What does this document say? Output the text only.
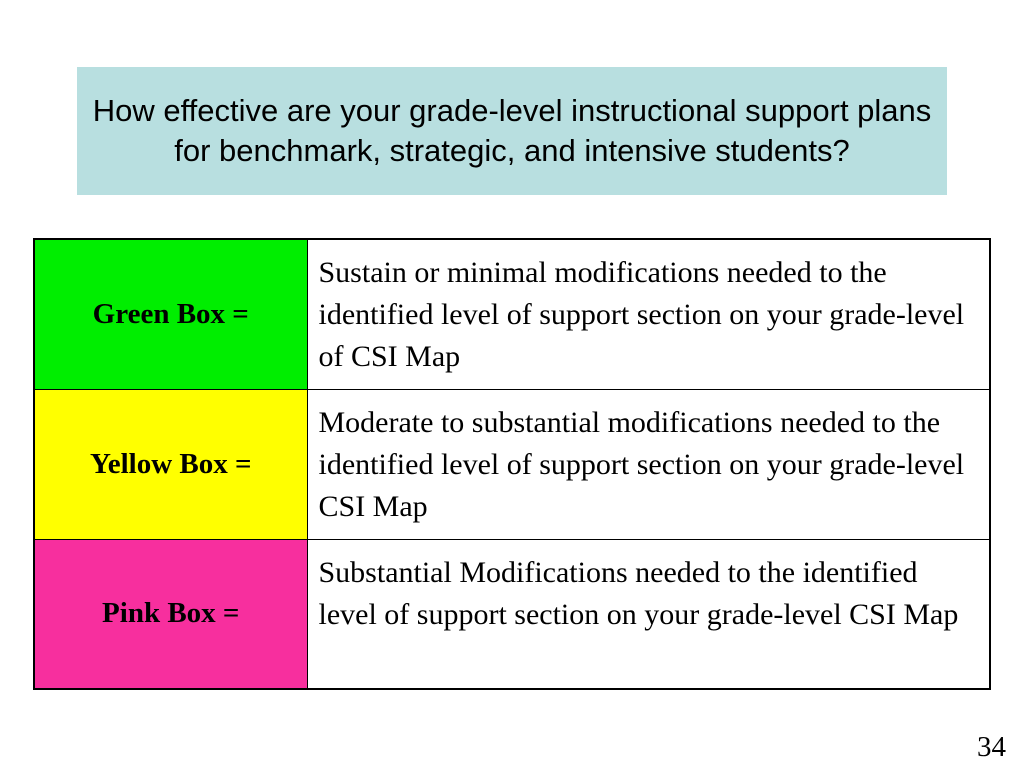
How effective are your grade-level instructional support plans for benchmark, strategic, and intensive students?

Green Box =	Sustain or minimal modifications needed to the identified level of support section on your grade-level of CSI Map
Yellow Box =	Moderate to substantial modifications needed to the identified level of support section on your grade-level CSI Map
Pink Box =	Substantial Modifications needed to the identified level of support section on your grade-level CSI Map
34
